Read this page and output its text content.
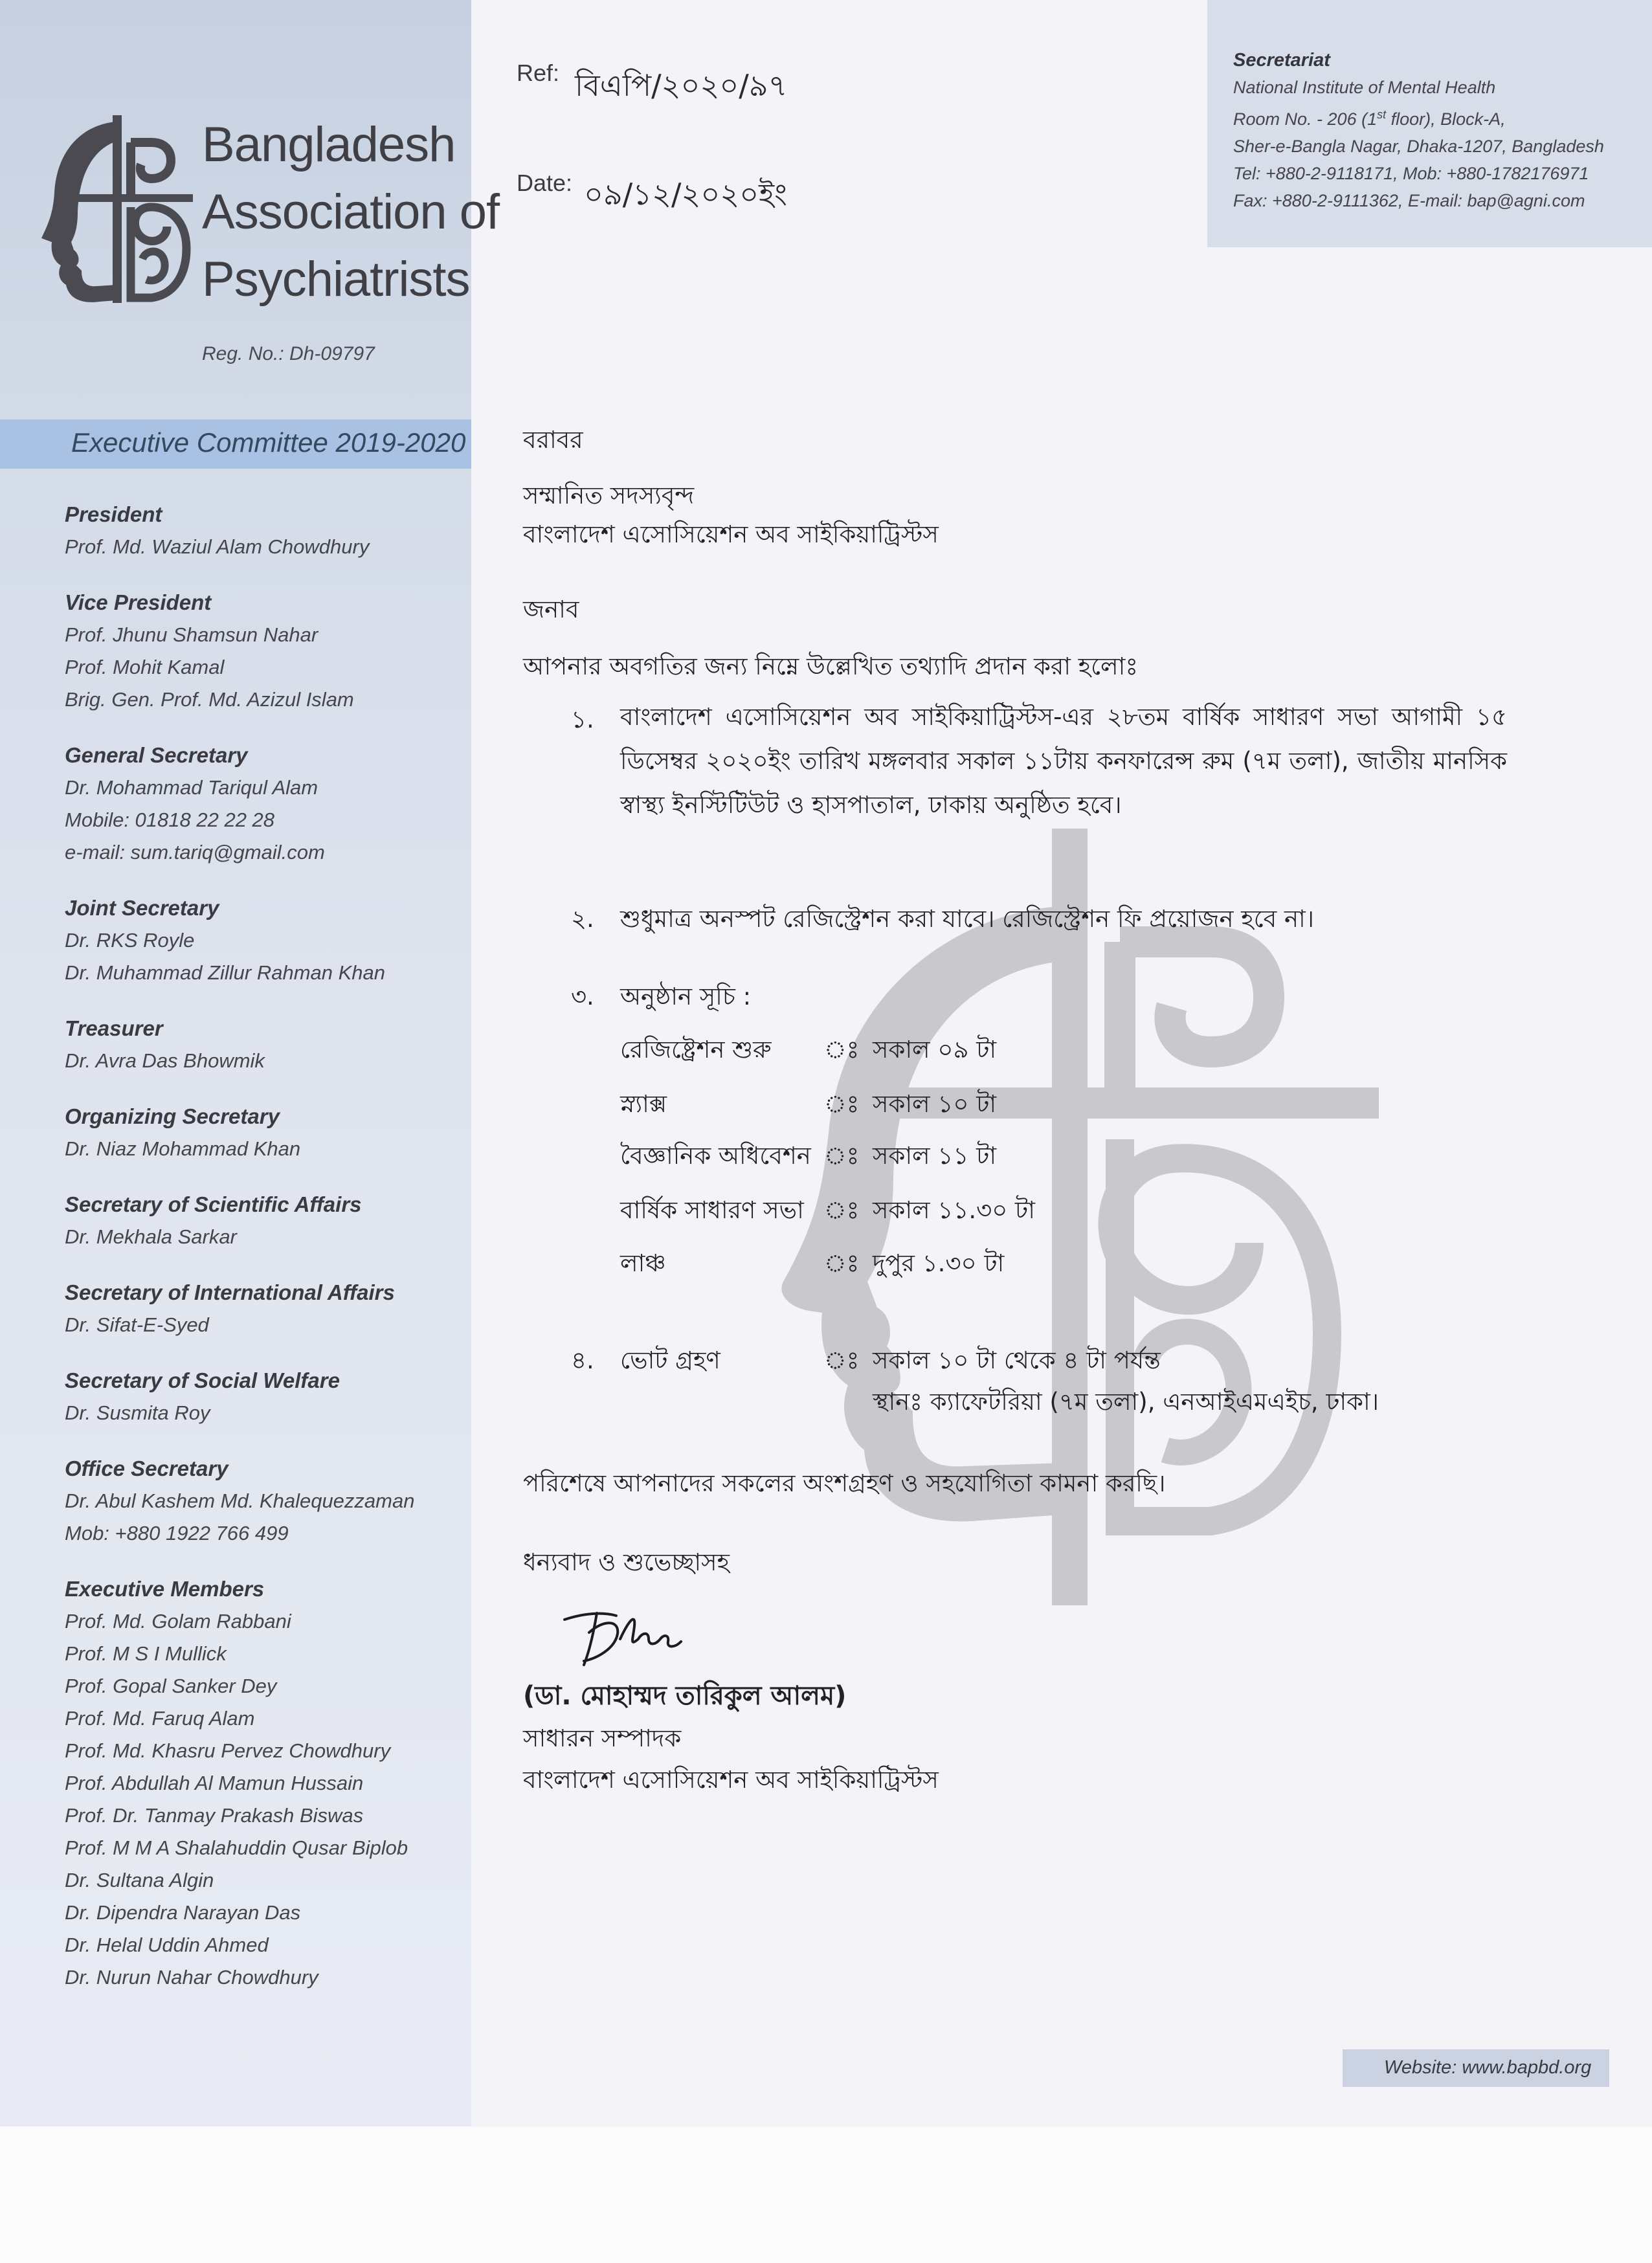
Bangladesh
Association of
Psychiatrists
Reg. No.: Dh-09797
Executive Committee 2019-2020
President
Prof. Md. Waziul Alam Chowdhury
Vice President
Prof. Jhunu Shamsun Nahar
Prof. Mohit Kamal
Brig. Gen. Prof. Md. Azizul Islam
General Secretary
Dr. Mohammad Tariqul Alam
Mobile: 01818 22 22 28
e-mail: sum.tariq@gmail.com
Joint Secretary
Dr. RKS Royle
Dr. Muhammad Zillur Rahman Khan
Treasurer
Dr. Avra Das Bhowmik
Organizing Secretary
Dr. Niaz Mohammad Khan
Secretary of Scientific Affairs
Dr. Mekhala Sarkar
Secretary of International Affairs
Dr. Sifat-E-Syed
Secretary of Social Welfare
Dr. Susmita Roy
Office Secretary
Dr. Abul Kashem Md. Khalequezzaman
Mob: +880 1922 766 499
Executive Members
Prof. Md. Golam Rabbani
Prof. M S I Mullick
Prof. Gopal Sanker Dey
Prof. Md. Faruq Alam
Prof. Md. Khasru Pervez Chowdhury
Prof. Abdullah Al Mamun Hussain
Prof. Dr. Tanmay Prakash Biswas
Prof. M M A Shalahuddin Qusar Biplob
Dr. Sultana Algin
Dr. Dipendra Narayan Das
Dr. Helal Uddin Ahmed
Dr. Nurun Nahar Chowdhury
Secretariat
National Institute of Mental Health
Room No. - 206 (1st floor), Block-A,
Sher-e-Bangla Nagar, Dhaka-1207, Bangladesh
Tel: +880-2-9118171, Mob: +880-1782176971
Fax: +880-2-9111362, E-mail: bap@agni.com
Website: www.bapbd.org
Ref: বিএপি/২০২০/৯৭
Date: ০৯/১২/২০২০ইং
বরাবর
সম্মানিত সদস্যবৃন্দ
বাংলাদেশ এসোসিয়েশন অব সাইকিয়াট্রিস্টস
জনাব
আপনার অবগতির জন্য নিম্নে উল্লেখিত তথ্যাদি প্রদান করা হলোঃ
১. বাংলাদেশ এসোসিয়েশন অব সাইকিয়াট্রিস্টস-এর ২৮তম বার্ষিক সাধারণ সভা আগামী ১৫ ডিসেম্বর ২০২০ইং তারিখ মঙ্গলবার সকাল ১১টায় কনফারেন্স রুম (৭ম তলা), জাতীয় মানসিক স্বাস্থ্য ইনস্টিটিউট ও হাসপাতাল, ঢাকায় অনুষ্ঠিত হবে।
২. শুধুমাত্র অনস্পট রেজিস্ট্রেশন করা যাবে। রেজিস্ট্রেশন ফি প্রয়োজন হবে না।
৩. অনুষ্ঠান সূচি :
রেজিষ্ট্রেশন শুরু ঃ সকাল ০৯ টা
স্ন্যাক্স	ঃ সকাল ১০ টা
বৈজ্ঞানিক অধিবেশন ঃ সকাল ১১ টা
বার্ষিক সাধারণ সভা ঃ সকাল ১১.৩০ টা
লাঞ্চ	ঃ দুপুর ১.৩০ টা
৪. ভোট গ্রহণ	ঃ সকাল ১০ টা থেকে ৪ টা পর্যন্ত
স্থানঃ ক্যাফেটরিয়া (৭ম তলা), এনআইএমএইচ, ঢাকা।
পরিশেষে আপনাদের সকলের অংশগ্রহণ ও সহযোগিতা কামনা করছি।
ধন্যবাদ ও শুভেচ্ছাসহ
(ডা. মোহাম্মদ তারিকুল আলম)
সাধারন সম্পাদক
বাংলাদেশ এসোসিয়েশন অব সাইকিয়াট্রিস্টস
